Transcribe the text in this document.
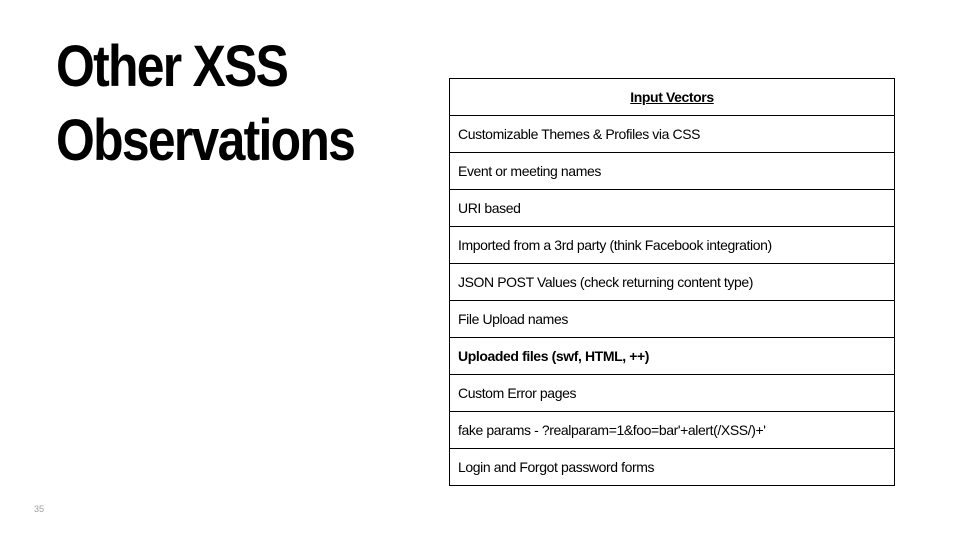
Other XSS
Observations
Input Vectors
Customizable Themes & Profiles via CSS
Event or meeting names
URI based
Imported from a 3rd party (think Facebook integration)
JSON POST Values (check returning content type)
File Upload names
Uploaded files (swf, HTML, ++)
Custom Error pages
fake params - ?realparam=1&foo=bar'+alert(/XSS/)+'
Login and Forgot password forms
35
